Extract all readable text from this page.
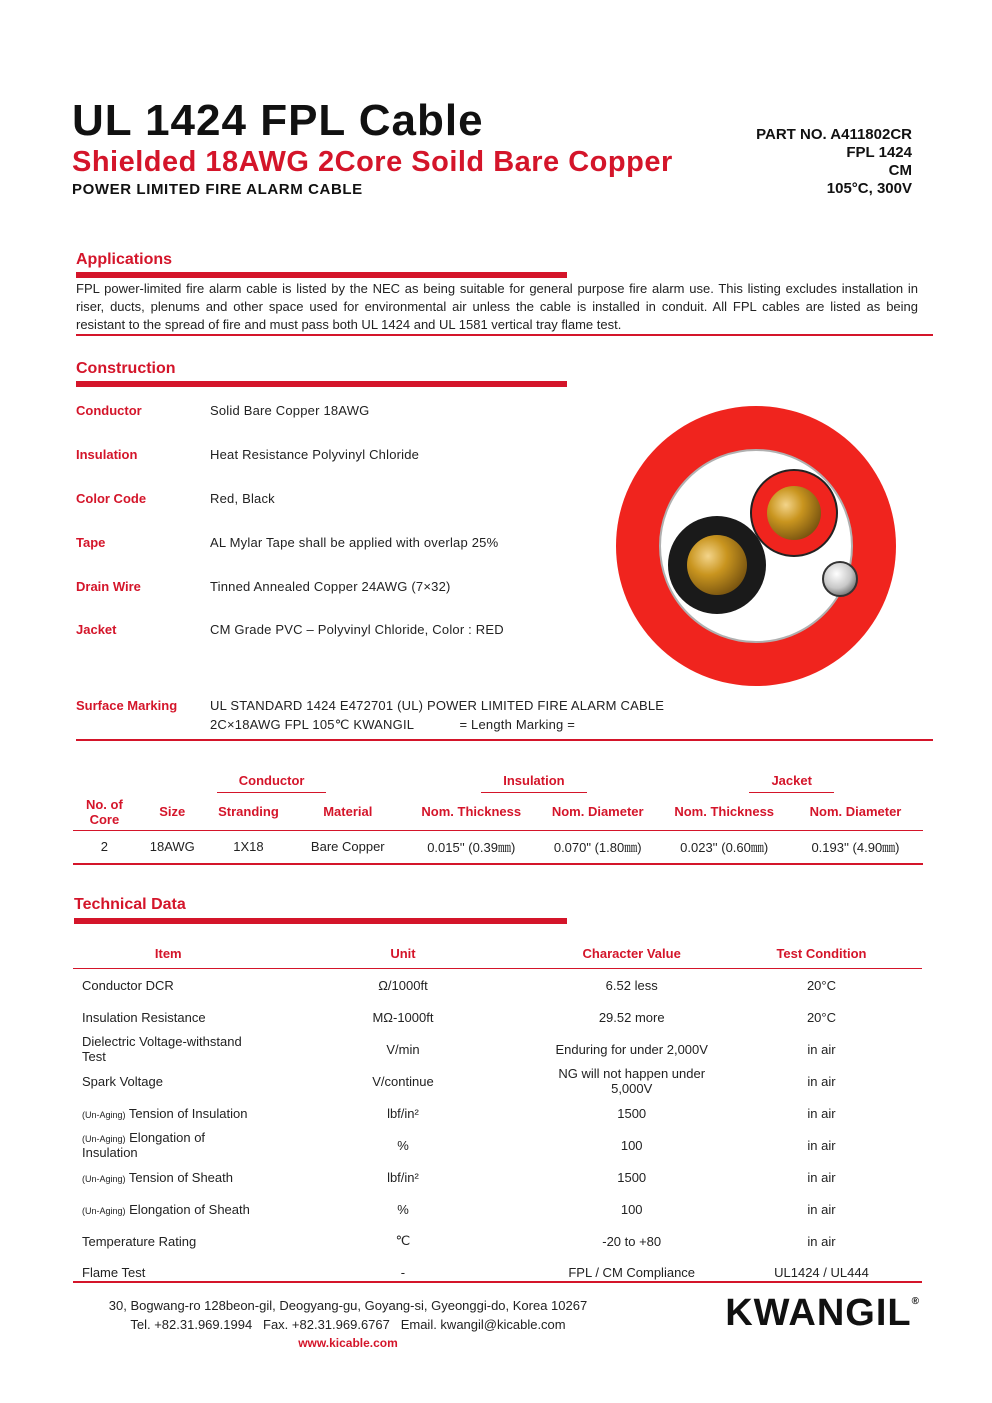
UL 1424 FPL Cable
Shielded 18AWG 2Core Soild Bare Copper
POWER LIMITED FIRE ALARM CABLE
PART NO. A411802CR
FPL 1424
CM
105°C, 300V
Applications
FPL power-limited fire alarm cable is listed by the NEC as being suitable for general purpose fire alarm use. This listing excludes installation in riser, ducts, plenums and other space used for environmental air unless the cable is installed in conduit. All FPL cables are listed as being resistant to the spread of fire and must pass both UL 1424 and UL 1581 vertical tray flame test.
Construction
Conductor	Solid Bare Copper 18AWG
Insulation	Heat Resistance Polyvinyl Chloride
Color Code	Red, Black
Tape	AL Mylar Tape shall be applied with overlap 25%
Drain Wire	Tinned Annealed Copper 24AWG (7×32)
Jacket	CM Grade PVC – Polyvinyl Chloride, Color : RED
Surface Marking	UL STANDARD 1424 E472701 (UL) POWER LIMITED FIRE ALARM CABLE
2C×18AWG FPL 105℃ KWANGIL            = Length Marking =
	Conductor			Insulation		Jacket	
No. of Core	Size	Stranding	Material	Nom. Thickness	Nom. Diameter	Nom. Thickness	Nom. Diameter
2	18AWG	1X18	Bare Copper	0.015'' (0.39㎜)	0.070" (1.80㎜)	0.023'' (0.60㎜)	0.193'' (4.90㎜)
Technical Data
Item	Unit	Character Value	Test Condition
Conductor DCR	Ω/1000ft	6.52 less	20°C
Insulation Resistance	MΩ-1000ft	29.52 more	20°C
Dielectric Voltage-withstand Test	V/min	Enduring for under 2,000V	in air
Spark Voltage	V/continue	NG will not happen under 5,000V	in air
(Un-Aging) Tension of Insulation	lbf/in²	1500	in air
(Un-Aging) Elongation of Insulation	%	100	in air
(Un-Aging) Tension of Sheath	lbf/in²	1500	in air
(Un-Aging) Elongation of Sheath	%	100	in air
Temperature Rating	℃	-20 to +80	in air
Flame Test	-	FPL / CM Compliance	UL1424 / UL444
30, Bogwang-ro 128beon-gil, Deogyang-gu, Goyang-si, Gyeonggi-do, Korea 10267
Tel. +82.31.969.1994   Fax. +82.31.969.6767   Email. kwangil@kicable.com
www.kicable.com
KWANGIL®
